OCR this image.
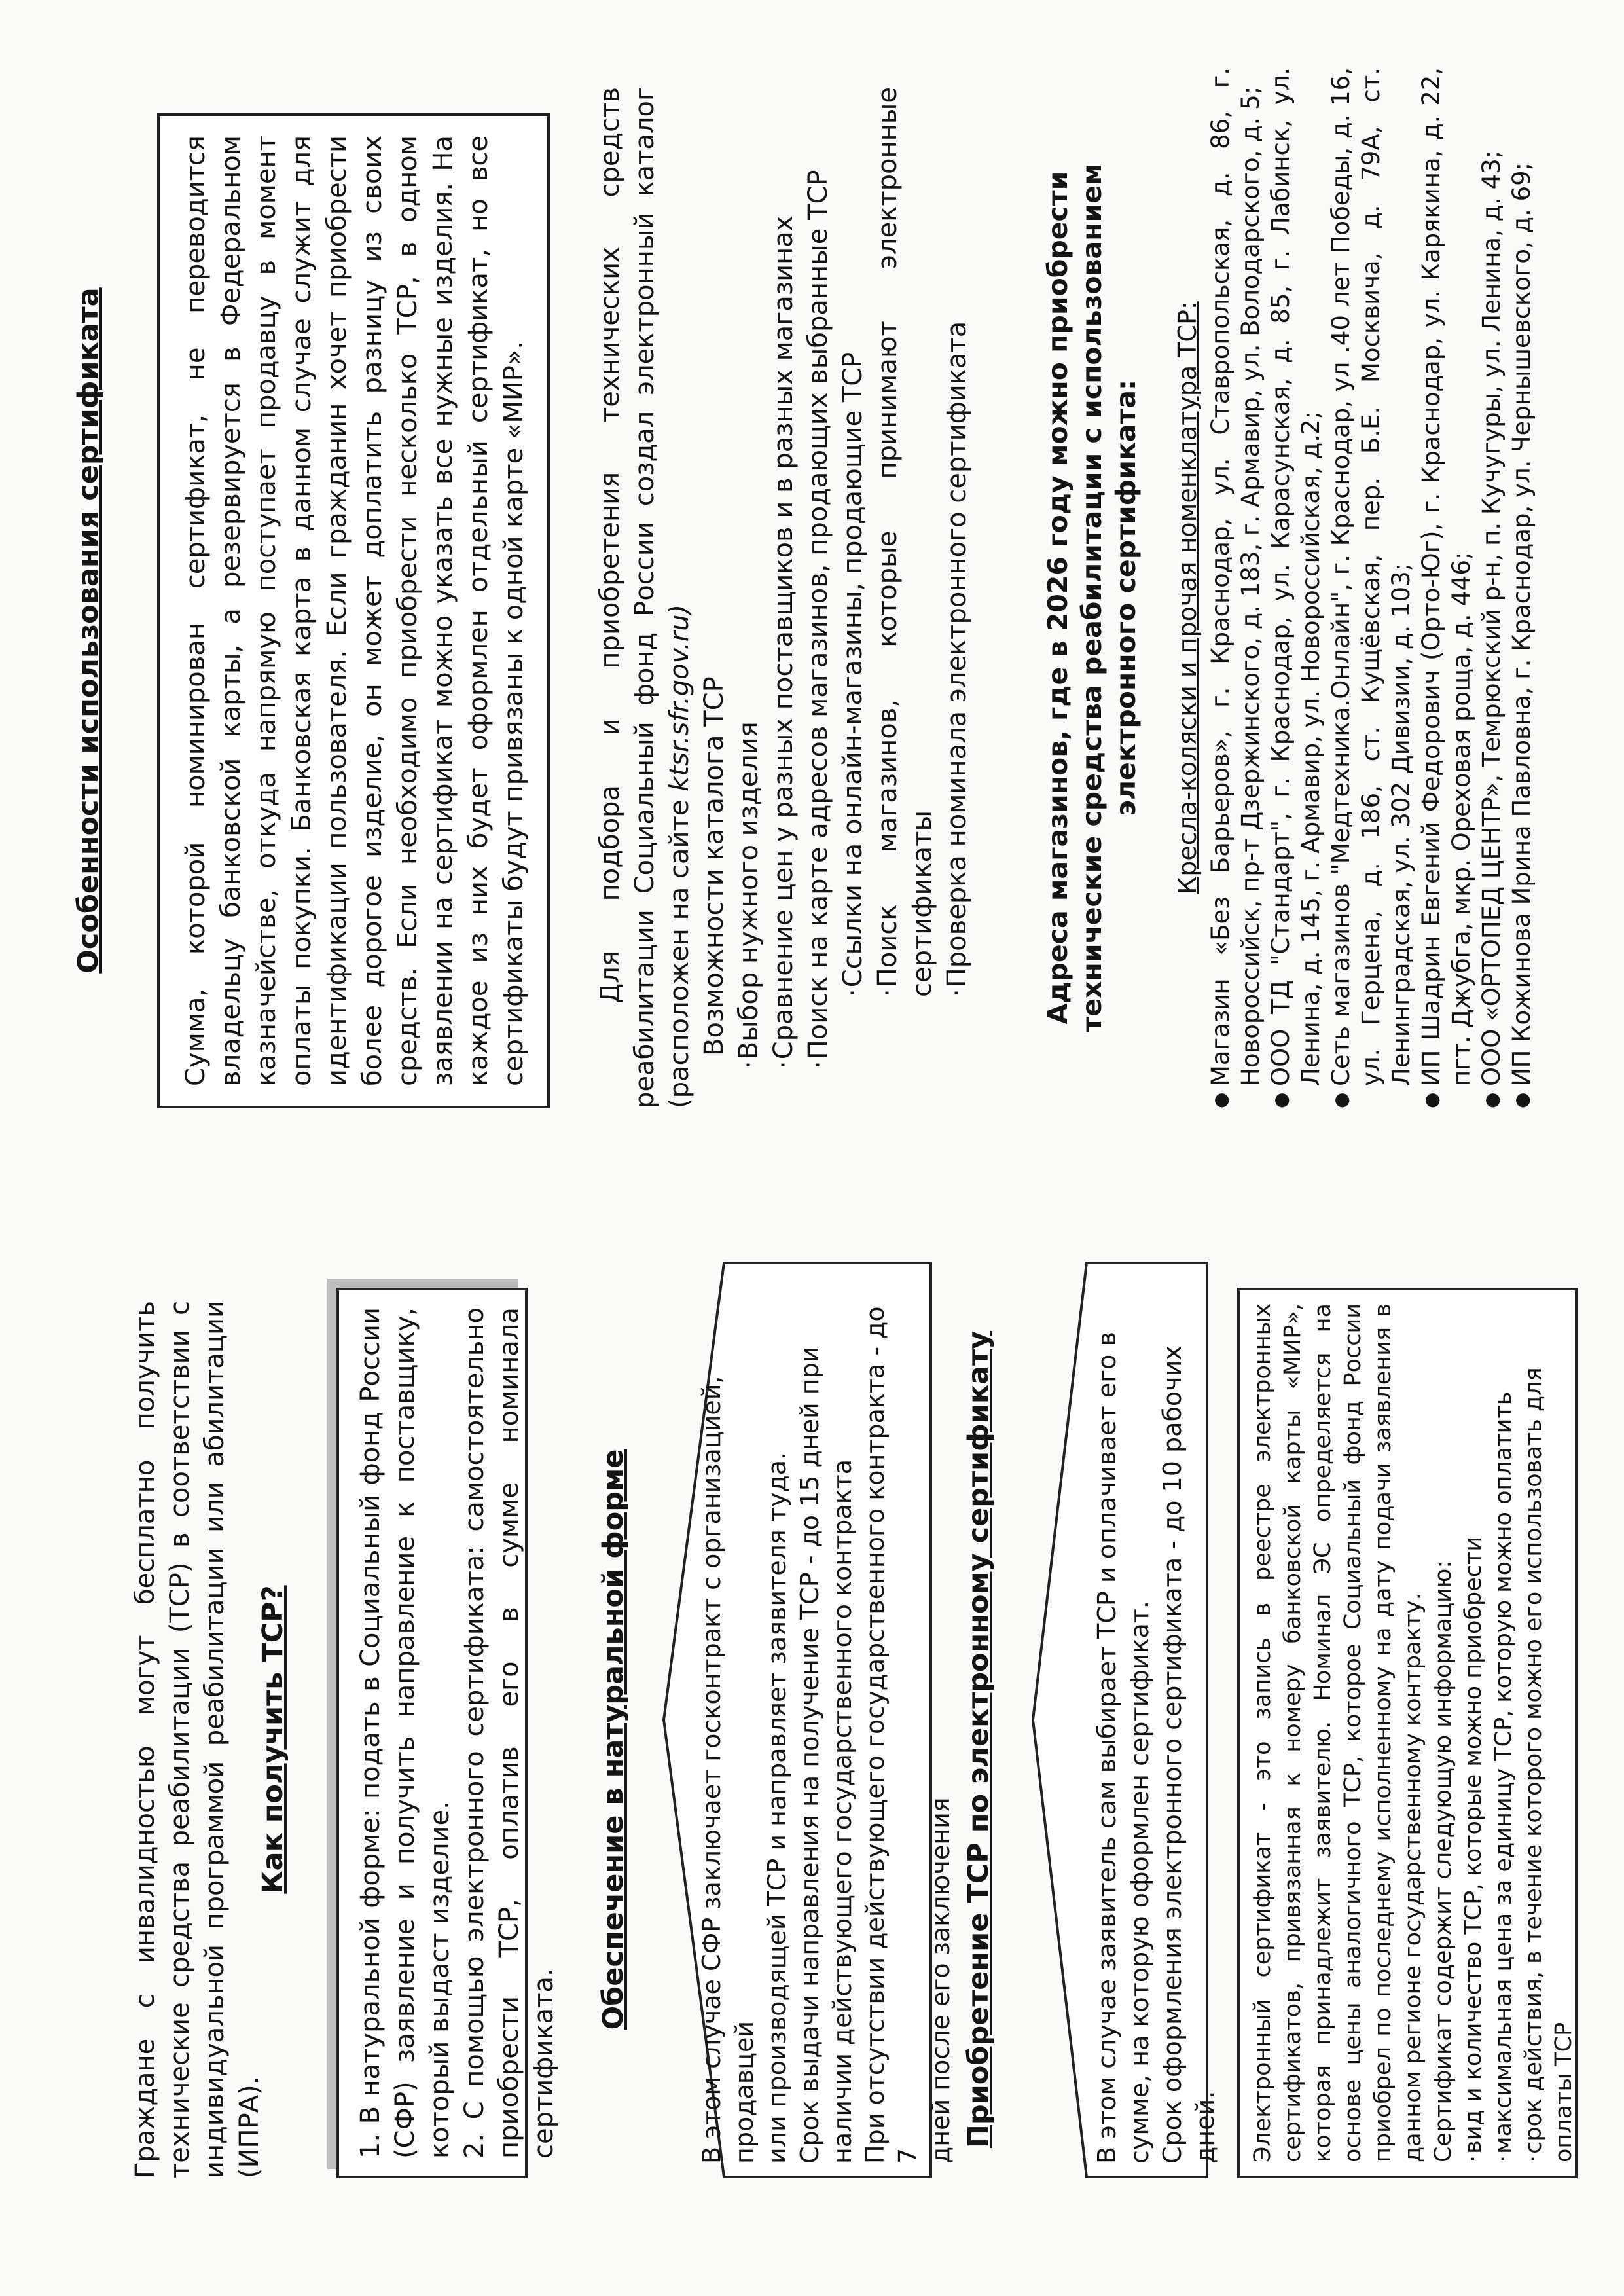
Граждане с инвалидностью могут бесплатно получить технические средства реабилитации (ТСР) в соответствии с индивидуальной программой реабилитации или абилитации (ИПРА).
Как получить ТСР?	1. В натуральной форме: подать в Социальный фонд России (СФР) заявление и получить направление к поставщику, который выдаст изделие. 2. С помощью электронного сертификата: самостоятельно приобрести ТСР, оплатив его в сумме номинала сертификата.
Обеспечение в натуральной форме	В этом случае СФР заключает госконтракт с организацией, продавцей или производящей ТСР и направляет заявителя туда. Срок выдачи направления на получение ТСР - до 15 дней при наличии действующего государственного контракта При отсутствии действующего государственного контракта - до 7 дней после его заключения Приобретение ТСР по электронному сертификату	В этом случае заявитель сам выбирает ТСР и оплачивает его в сумме, на которую оформлен сертификат. Срок оформления электронного сертификата - до 10 рабочих дней. Электронный сертификат - это запись в реестре электронных сертификатов, привязанная к номеру банковской карты «МИР», которая принадлежит заявителю. Номинал ЭС определяется на основе цены аналогичного ТСР, которое Социальный фонд России приобрел по последнему исполненному на дату подачи заявления в данном регионе государственному контракту. Сертификат содержит следующую информацию: · вид и количество ТСР, которые можно приобрести · максимальная цена за единицу ТСР, которую можно оплатить · срок действия, в течение которого можно его использовать для оплаты ТСР
Особенности использования сертификата	Сумма, которой номинирован сертификат, не переводится владельцу банковской карты, а резервируется в Федеральном казначействе, откуда напрямую поступает продавцу в момент оплаты покупки. Банковская карта в данном случае служит для идентификации пользователя. Если гражданин хочет приобрести более дорогое изделие, он может доплатить разницу из своих средств. Если необходимо приобрести несколько ТСР, в одном заявлении на сертификат можно указать все нужные изделия. На каждое из них будет оформлен отдельный сертификат, но все сертификаты будут привязаны к одной карте «МИР».	Для подбора и приобретения технических средств реабилитации Социальный фонд России создал электронный каталог (расположен на сайте ktsr.sfr.gov.ru) Возможности каталога ТСР · Выбор нужного изделия · Сравнение цен у разных поставщиков и в разных магазинах · Поиск на карте адресов магазинов, продающих выбранные ТСР · Ссылки на онлайн-магазины, продающие ТСР · Поиск магазинов, которые принимают электронные сертификаты · Проверка номинала электронного сертификата	Адреса магазинов, где в 2026 году можно приобрести технические средства реабилитации с использованием электронного сертификата: Кресла-коляски и прочая номенклатура ТСР: ● Магазин «Без Барьеров», г. Краснодар, ул. Ставропольская, д. 86, г. Новороссийск, пр-т Дзержинского, д. 183, г. Армавир, ул. Володарского, д. 5; ● ООО ТД "Стандарт", г. Краснодар, ул. Карасунская, д. 85, г. Лабинск, ул. Ленина, д. 145, г. Армавир, ул. Новороссийская, д.2; ● Сеть магазинов "Медтехника.Онлайн", г. Краснодар, ул .40 лет Победы, д. 16, ул. Герцена, д. 186, ст. Кущёвская, пер. Б.Е. Москвича, д. 79А, ст. Ленинградская, ул. 302 Дивизии, д. 103; ● ИП Шадрин Евгений Федорович (Орто-Юг), г. Краснодар, ул. Карякина, д. 22, пгт. Джубга, мкр. Ореховая роща, д. 446; ● ООО «ОРТОПЕД ЦЕНТР», Темрюкский р-н, п. Кучугуры, ул. Ленина, д. 43; ● ИП Кожинова Ирина Павловна, г. Краснодар, ул. Чернышевского, д. 69;
